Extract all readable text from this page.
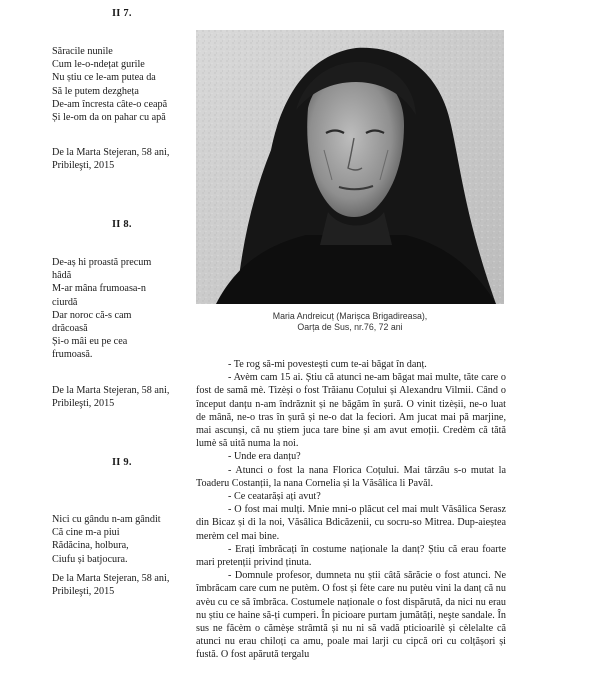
II 7.
Săracile nunile
Cum le-o-ndețat gurile
Nu știu ce le-am putea da
Să le putem dezgheța
De-am încresta câte-o ceapă
Și le-om da on pahar cu apă
De la Marta Stejeran, 58 ani, Pribileşti, 2015
II 8.
De-aș hi proastă precum
hâdă
M-ar mâna frumoasa-n
ciurdă
Dar noroc că-s cam
drăcoasă
Și-o mâi eu pe cea
frumoasă.
De la Marta Stejeran, 58 ani, Pribileşti, 2015
II 9.
Nici cu gându n-am gândit
Că cine m-a piui
Rădăcina, holbura,
Ciufu și batjocura.
De la Marta Stejeran, 58 ani, Pribileşti, 2015
Maria Andreicuț (Marișca Brigadireasa),
Oarța de Sus, nr.76, 72 ani

- Te rog să-mi povestești cum te-ai băgat în danț.

- Avèm cam 15 ai. Știu că atunci ne-am băgat mai multe, tăte care o fost de samă mè. Tizèși o fost Trăianu Coțului și Alexandru Vilmii. Când o început danțu n-am îndrăznit și ne băgăm în șură. O vinit tizèșii, ne-o luat de mână, ne-o tras în șură și ne-o dat la feciori. Am jucat mai pă marjine, mai ascunși, că nu știem juca tare bine și am avut emoții. Credèm că tătă lumè să uită numa la noi.

- Unde era danțu?

- Atunci o fost la nana Florica Coțului. Mai târzâu s-o mutat la Toaderu Costanții, la nana Cornelia și la Văsâlica li Pavăl.

- Ce ceatarăși ați avut?

- O fost mai mulți. Mnie mni-o plăcut cel mai mult Văsâlica Serasz din Bicaz și di la noi, Văsâlica Bdicăzenii, cu socru-so Mitrea. Dup-aieștea merèm cel mai bine.

- Erați îmbrăcați în costume naționale la danț? Știu că erau foarte mari pretenții privind ținuta.

- Domnule profesor, dumneta nu știi câtă sărăcie o fost atunci. Ne îmbrăcam care cum ne putèm. O fost și fète care nu putèu vini la danț că nu avèu cu ce să îmbrăca. Costumele naționale o fost dispărută, da nici nu erau nu știu ce haine să-ți cumperi. În picioare purtam jumătăți, neşte sandale. În sus ne făcèm o cămèșe strâmtă și nu ni să vadă pticioarilè și cèlelalte că atunci nu erau chiloți ca amu, poale mai larji cu cipcă ori cu colțășori și fustă. O fost apărută tergalu
